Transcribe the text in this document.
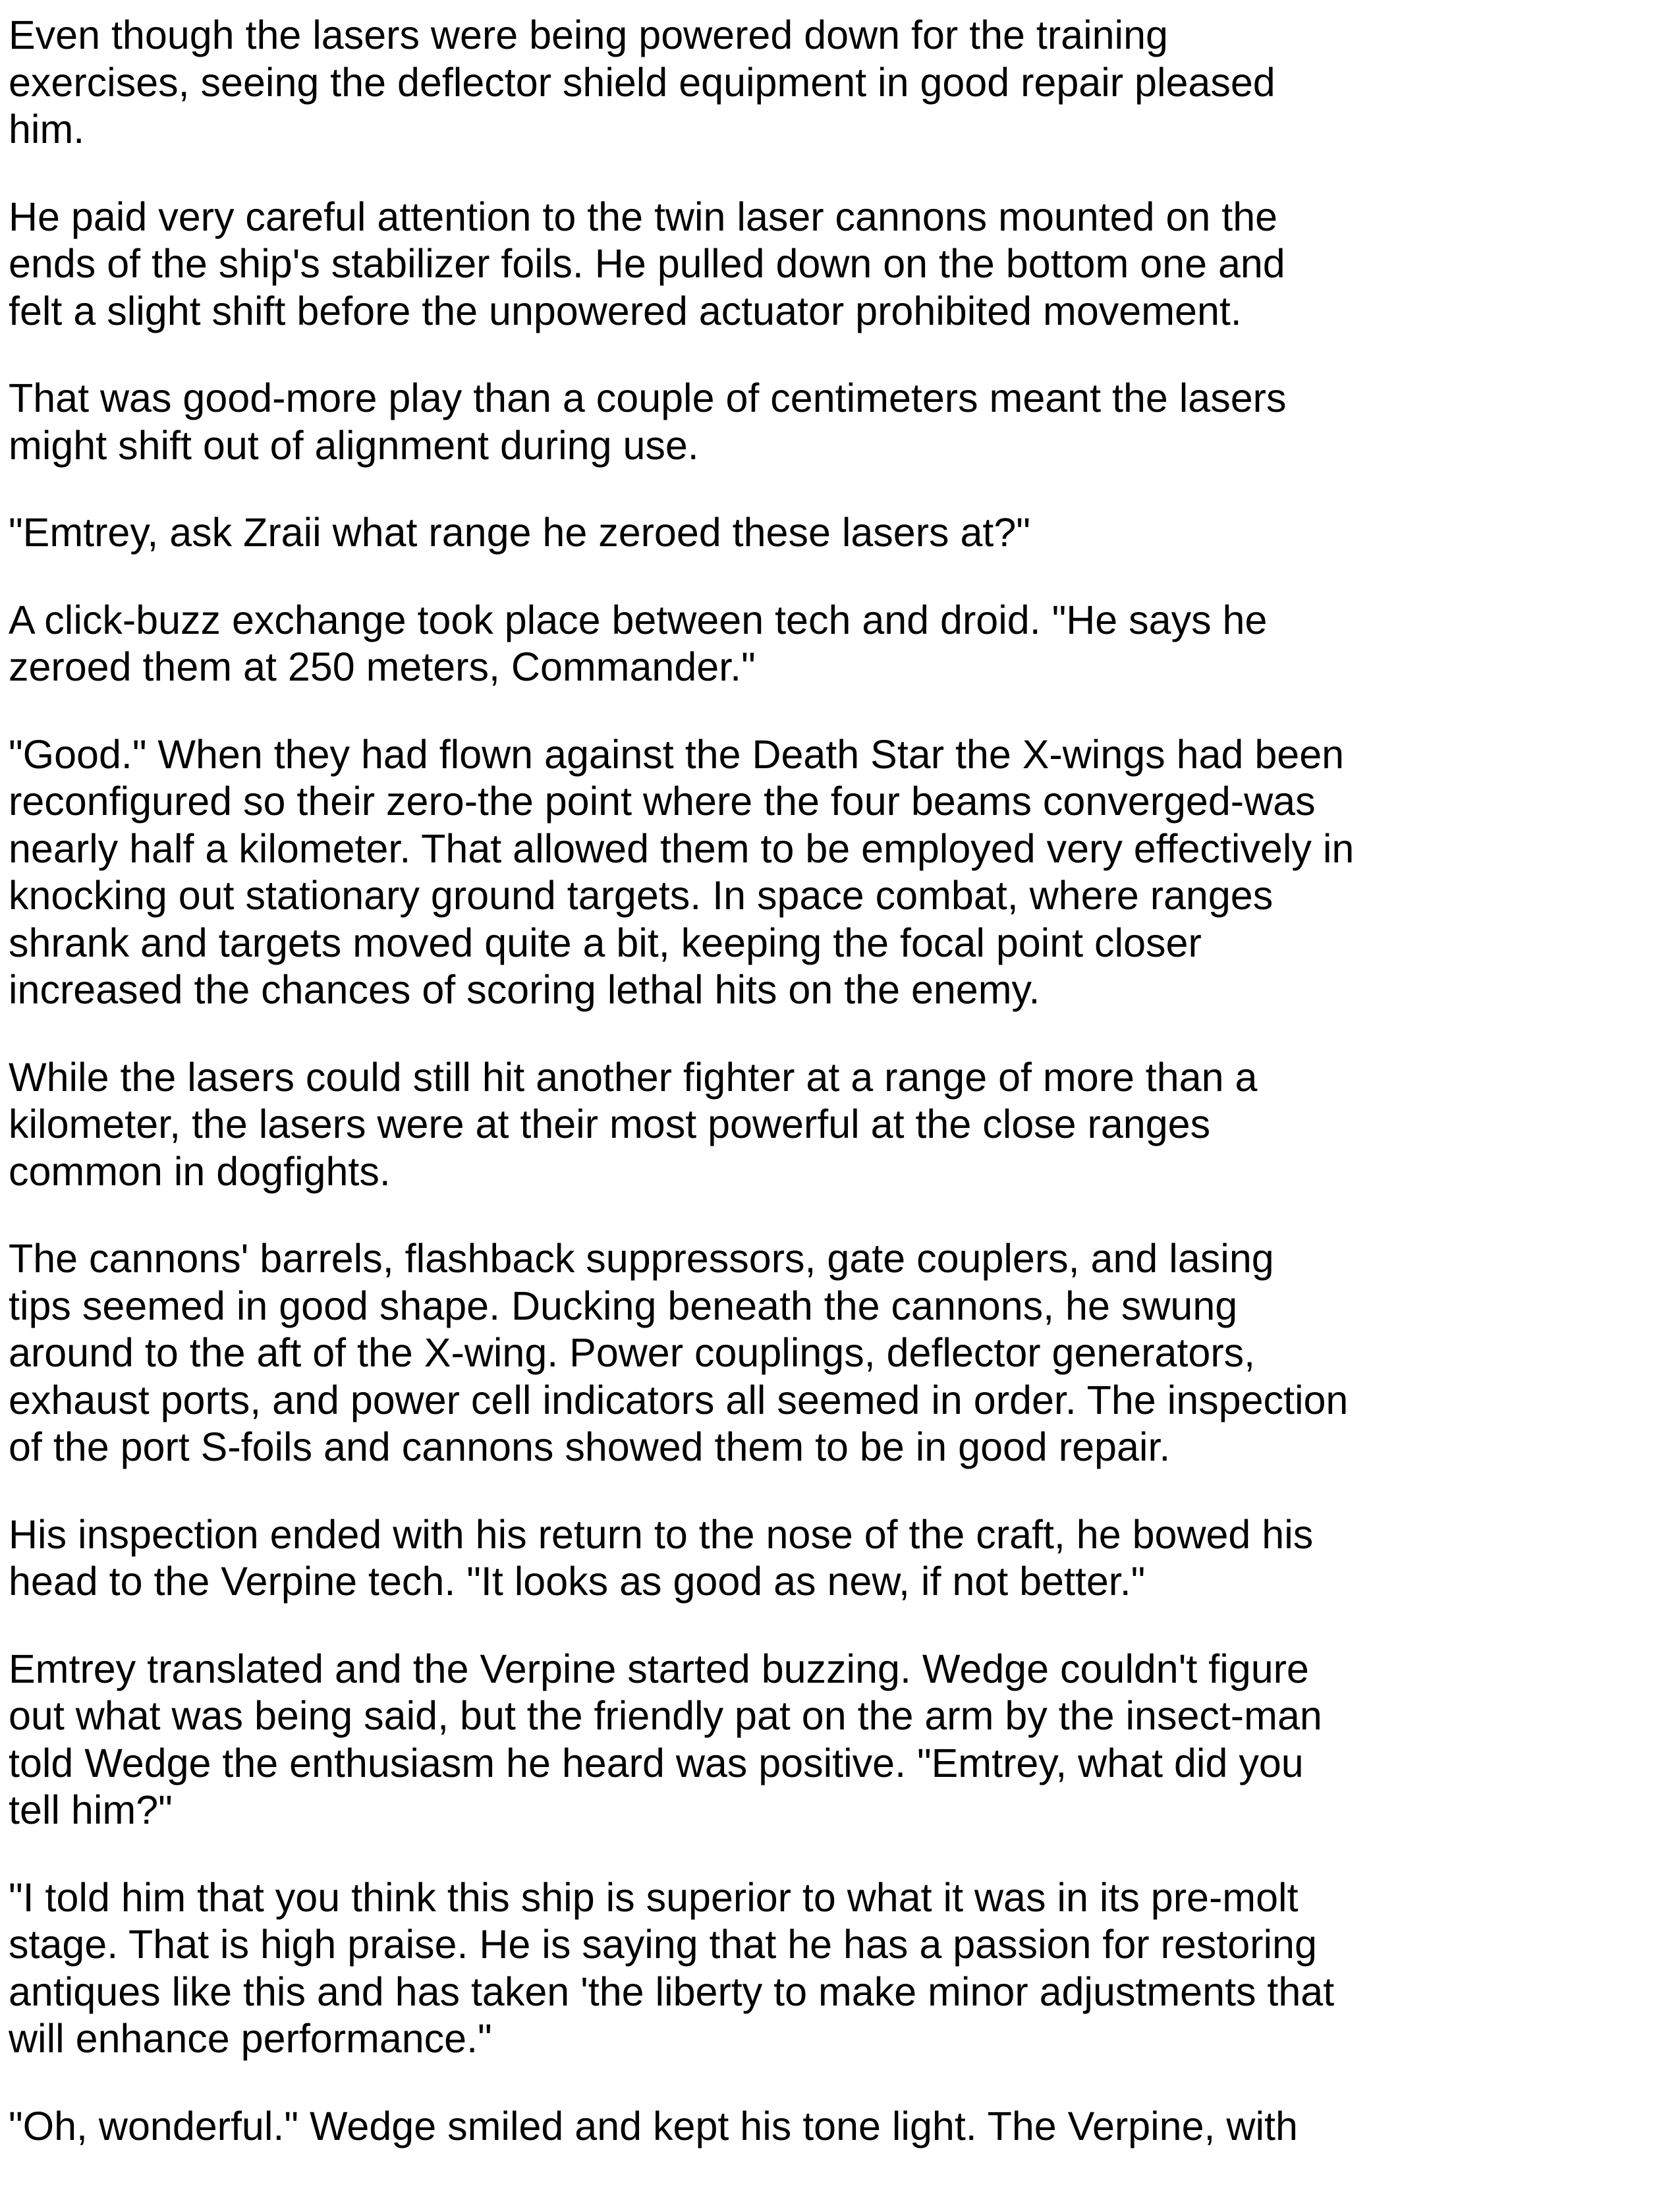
Even though the lasers were being powered down for the training
exercises, seeing the deflector shield equipment in good repair pleased
him.

He paid very careful attention to the twin laser cannons mounted on the
ends of the ship's stabilizer foils. He pulled down on the bottom one and
felt a slight shift before the unpowered actuator prohibited movement.

That was good-more play than a couple of centimeters meant the lasers
might shift out of alignment during use.

"Emtrey, ask Zraii what range he zeroed these lasers at?"

A click-buzz exchange took place between tech and droid. "He says he
zeroed them at 250 meters, Commander."

"Good." When they had flown against the Death Star the X-wings had been
reconfigured so their zero-the point where the four beams converged-was
nearly half a kilometer. That allowed them to be employed very effectively in
knocking out stationary ground targets. In space combat, where ranges
shrank and targets moved quite a bit, keeping the focal point closer
increased the chances of scoring lethal hits on the enemy.

While the lasers could still hit another fighter at a range of more than a
kilometer, the lasers were at their most powerful at the close ranges
common in dogfights.

The cannons' barrels, flashback suppressors, gate couplers, and lasing
tips seemed in good shape. Ducking beneath the cannons, he swung
around to the aft of the X-wing. Power couplings, deflector generators,
exhaust ports, and power cell indicators all seemed in order. The inspection
of the port S-foils and cannons showed them to be in good repair.

His inspection ended with his return to the nose of the craft, he bowed his
head to the Verpine tech. "It looks as good as new, if not better."

Emtrey translated and the Verpine started buzzing. Wedge couldn't figure
out what was being said, but the friendly pat on the arm by the insect-man
told Wedge the enthusiasm he heard was positive. "Emtrey, what did you
tell him?"

"I told him that you think this ship is superior to what it was in its pre-molt
stage. That is high praise. He is saying that he has a passion for restoring
antiques like this and has taken 'the liberty to make minor adjustments that
will enhance performance."

"Oh, wonderful." Wedge smiled and kept his tone light. The Verpine, with
